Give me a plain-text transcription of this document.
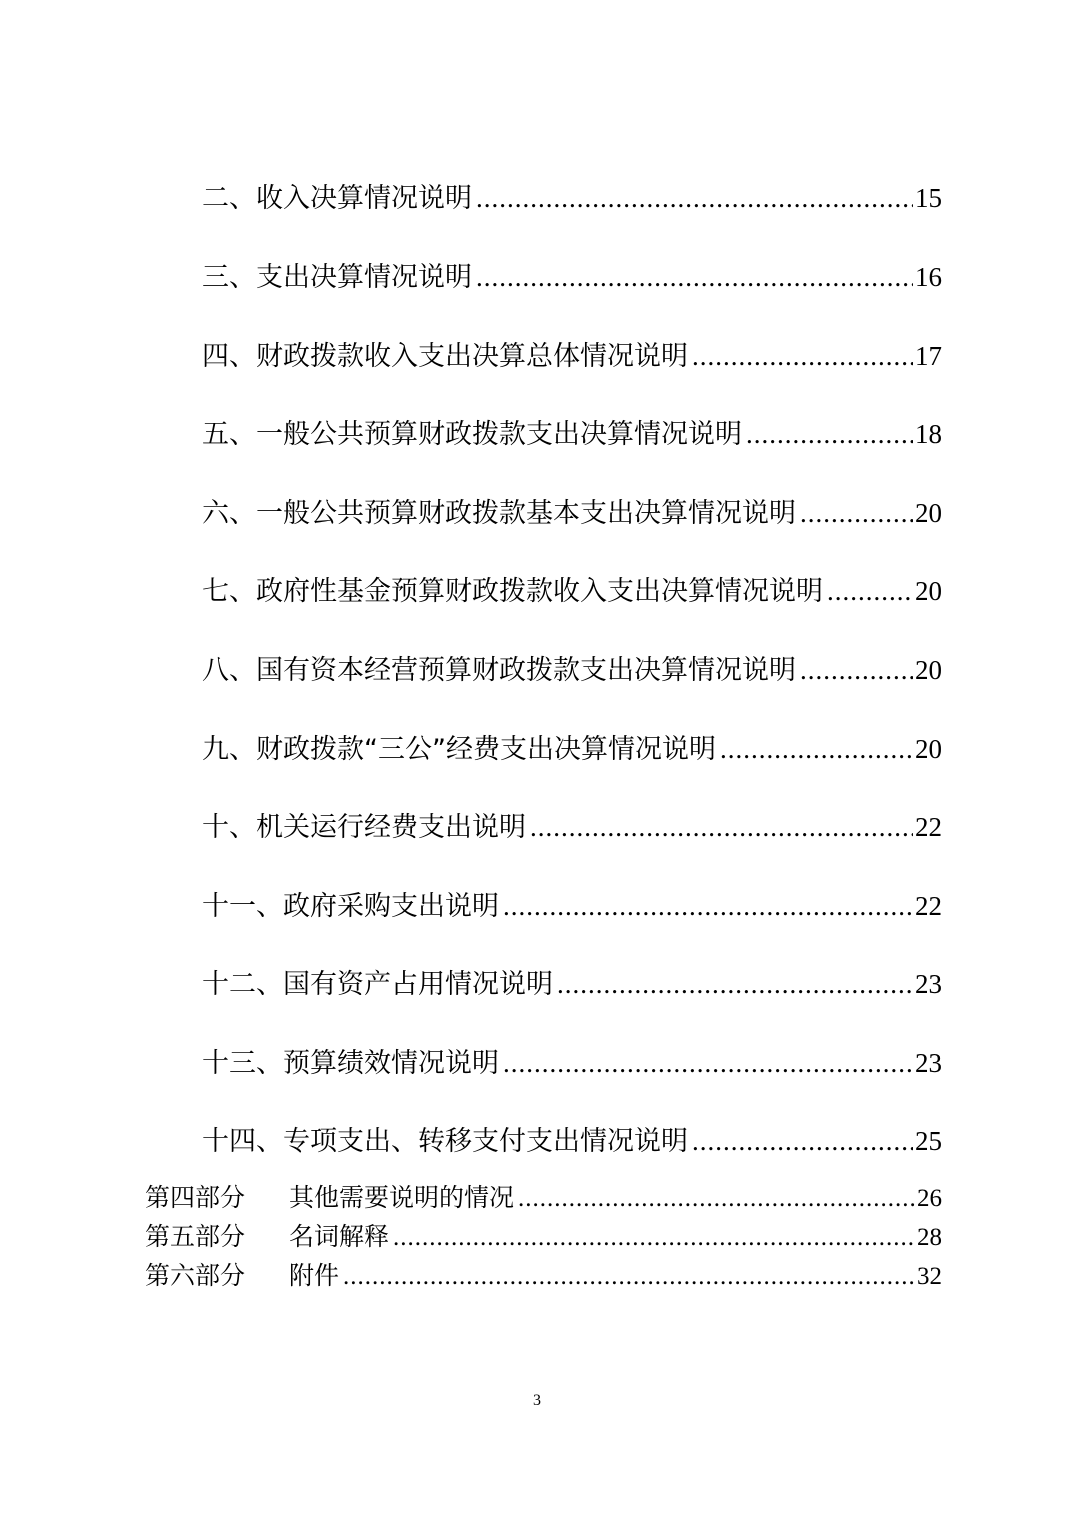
二、收入决算情况说明 .....	15
三、支出决算情况说明 .....	16
四、财政拨款收入支出决算总体情况说明 .....	17
五、一般公共预算财政拨款支出决算情况说明 .....	18
六、一般公共预算财政拨款基本支出决算情况说明 .....	20
七、政府性基金预算财政拨款收入支出决算情况说明 .....	20
八、国有资本经营预算财政拨款支出决算情况说明 .....	20
九、财政拨款“三公”经费支出决算情况说明 .....	20
十、机关运行经费支出说明 .....	22
十一、政府采购支出说明 .....	22
十二、国有资产占用情况说明 .....	23
十三、预算绩效情况说明 .....	23
十四、专项支出、转移支付支出情况说明 .....	25
第四部分 其他需要说明的情况 .....	26
第五部分 名词解释 .....	28
第六部分 附件 .....	32
3
